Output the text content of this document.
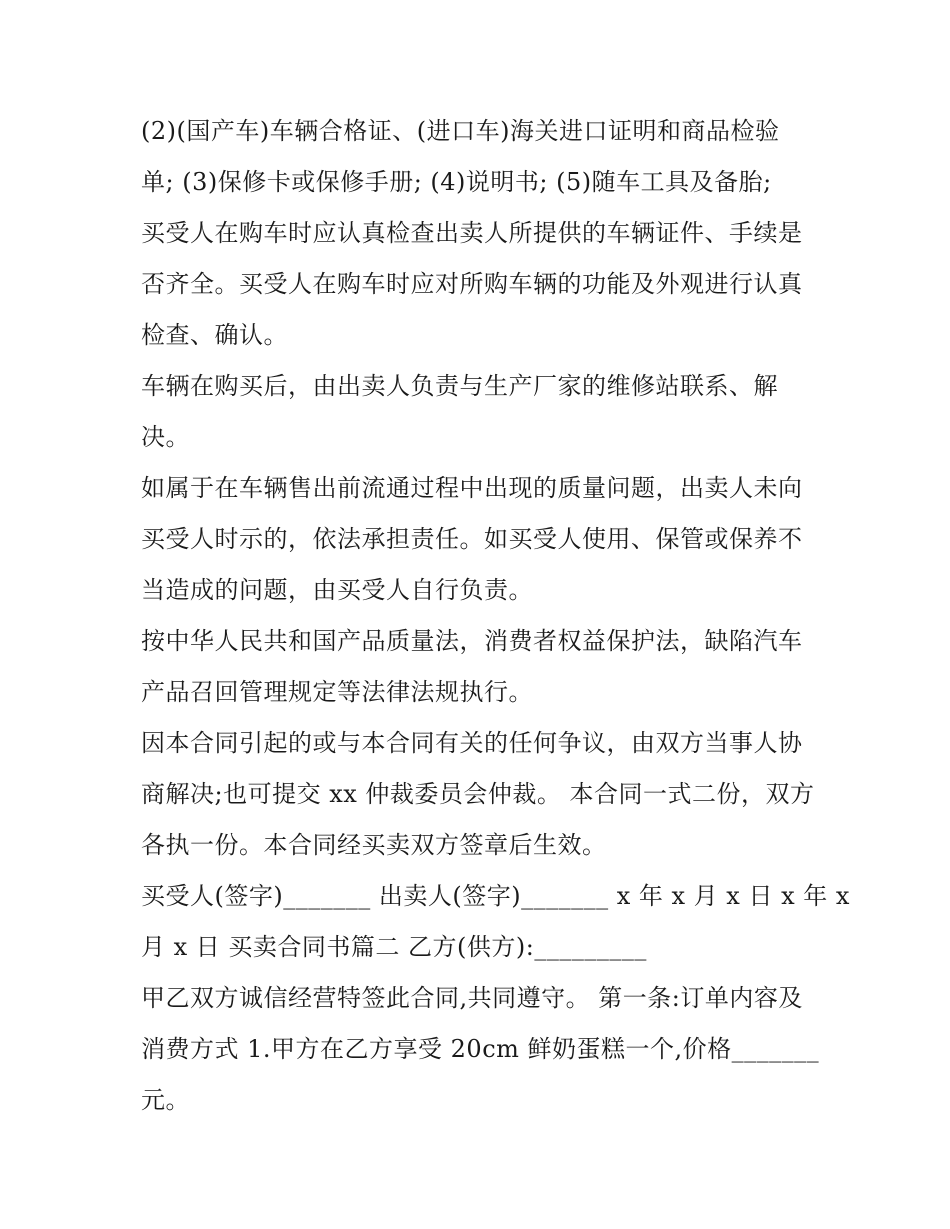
(2)(国产车)车辆合格证、(进口车)海关进口证明和商品检验
单; (3)保修卡或保修手册; (4)说明书; (5)随车工具及备胎;
买受人在购车时应认真检查出卖人所提供的车辆证件、手续是
否齐全。买受人在购车时应对所购车辆的功能及外观进行认真
检查、确认。
车辆在购买后，由出卖人负责与生产厂家的维修站联系、解
决。
如属于在车辆售出前流通过程中出现的质量问题，出卖人未向
买受人时示的，依法承担责任。如买受人使用、保管或保养不
当造成的问题，由买受人自行负责。
按中华人民共和国产品质量法，消费者权益保护法，缺陷汽车
产品召回管理规定等法律法规执行。
因本合同引起的或与本合同有关的任何争议，由双方当事人协
商解决;也可提交 xx 仲裁委员会仲裁。 本合同一式二份，双方
各执一份。本合同经买卖双方签章后生效。
买受人(签字)_______ 出卖人(签字)_______ x 年 x 月 x 日 x 年 x
月 x 日 买卖合同书篇二 乙方(供方):_________
甲乙双方诚信经营特签此合同,共同遵守。 第一条:订单内容及
消费方式 1.甲方在乙方享受 20cm 鲜奶蛋糕一个,价格_______
元。
